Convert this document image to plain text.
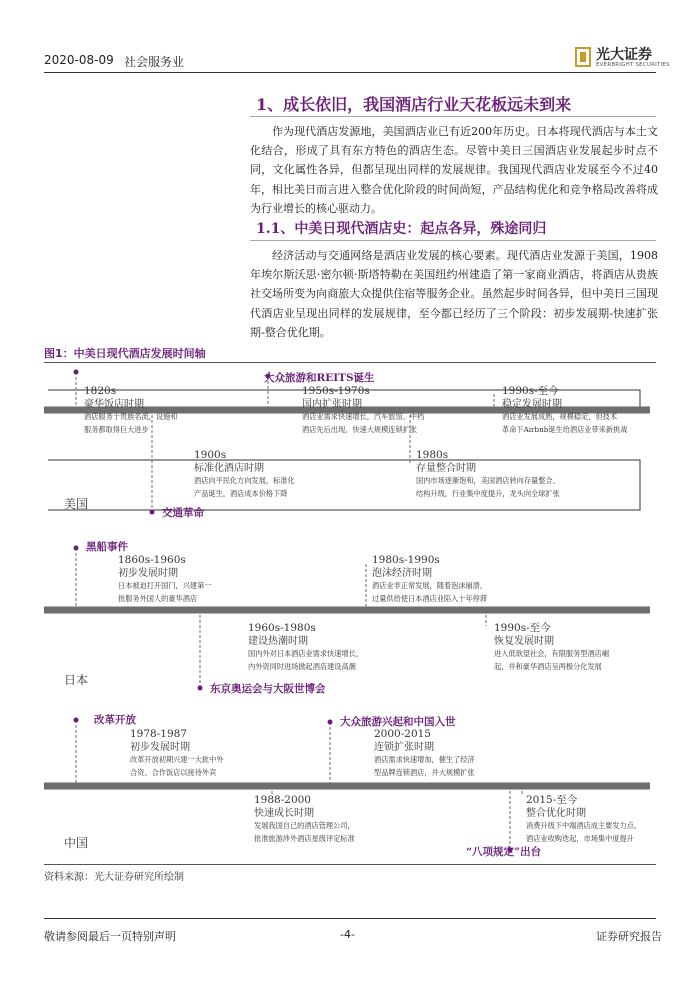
2020-08-09 社会服务业	光大证券
EVERBRIGHT SECURITIES
1、成长依旧，我国酒店行业天花板远未到来

作为现代酒店发源地，美国酒店业已有近200年历史。日本将现代酒店与本土文化结合，形成了具有东方特色的酒店生态。尽管中美日三国酒店业发展起步时点不同，文化属性各异，但都呈现出同样的发展规律。我国现代酒店业发展至今不过40年，相比美日而言进入整合优化阶段的时间尚短，产品结构优化和竞争格局改善将成为行业增长的核心驱动力。

1.1、中美日现代酒店史：起点各异，殊途同归

经济活动与交通网络是酒店业发展的核心要素。现代酒店业发源于美国，1908年埃尔斯沃思·密尔顿·斯塔特勒在美国纽约州建造了第一家商业酒店，将酒店从贵族社交场所变为向商旅大众提供住宿等服务企业。虽然起步时间各异，但中美日三国现代酒店业呈现出同样的发展规律，至今都已经历了三个阶段：初步发展期-快速扩张期-整合优化期。

图1：中美日现代酒店发展时间轴
大众旅游和REITS诞生
1820s
豪华饭店时期
酒店服务于贵族名流，设施和
服务都取得巨大进步
1950s-1970s
国内扩张时期
酒店业需求快速增长，汽车旅馆、中档
酒店先后出现，快速大规模连锁扩张
1990s-至今
稳定发展时期
酒店业发展成熟，规模稳定，但技术
革命下Airbnb诞生给酒店业带来新挑战
1900s
标准化酒店时期
酒店向平民化方向发展，标准化
产品诞生，酒店成本价格下降
1980s
存量整合时期
国内市场逐渐饱和，美国酒店转向存量整合、
结构升级，行业集中度提升，龙头向全球扩张
交通革命
美国
黑船事件
1860s-1960s
初步发展时期
日本被迫打开国门，兴建第一
批服务外国人的豪华酒店
1980s-1990s
泡沫经济时期
酒店业非正常发展，随着泡沫崩溃，
过量供给使日本酒店业陷入十年停滞
1960s-1980s
建设热潮时期
国内外对日本酒店业需求快速增长，
内外资同时进场掀起酒店建设高潮
1990s-至今
恢复发展时期
进入低欲望社会，有限服务型酒店崛
起，并和豪华酒店呈两极分化发展
东京奥运会与大阪世博会
日本
改革开放	大众旅游兴起和中国入世
1978-1987
初步发展时期
改革开放初期兴建一大批中外
合资、合作饭店以接待外宾
2000-2015
连锁扩张时期
酒店需求快速增加，催生了经济
型品牌连锁酒店，并大规模扩张
1988-2000
快速成长时期
发展我国自己的酒店管理公司，
批准旅游涉外酒店星级评定标准
2015-至今
整合优化时期
消费升级下中端酒店成主要发力点，
酒店业收购迭起，市场集中度提升
“八项规定”出台
中国
资料来源：光大证券研究所绘制
敬请参阅最后一页特别声明	-4-	证券研究报告
